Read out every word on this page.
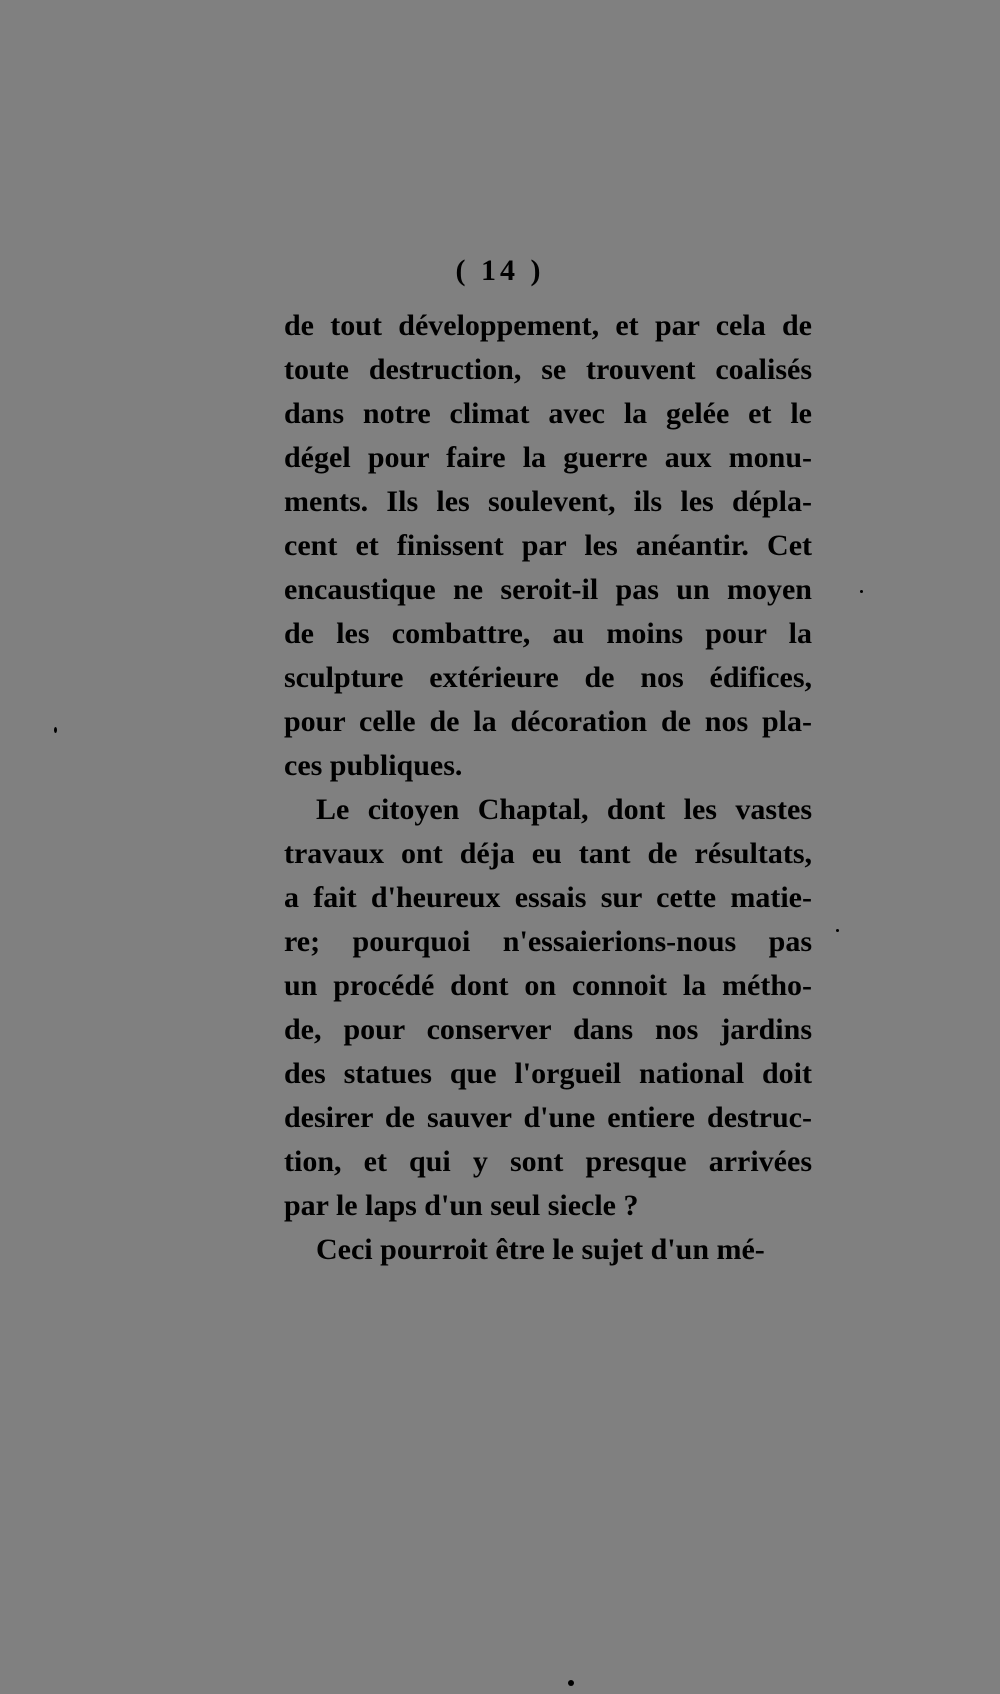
( 14 )
de tout développement, et par cela de
toute destruction, se trouvent coalisés
dans notre climat avec la gelée et le
dégel pour faire la guerre aux monu-
ments. Ils les soulevent, ils les dépla-
cent et finissent par les anéantir. Cet
encaustique ne seroit-il pas un moyen
de les combattre, au moins pour la
sculpture extérieure de nos édifices,
pour celle de la décoration de nos pla-
ces publiques.
Le citoyen Chaptal, dont les vastes
travaux ont déja eu tant de résultats,
a fait d'heureux essais sur cette matie-
re; pourquoi n'essaierions-nous pas
un procédé dont on connoit la métho-
de, pour conserver dans nos jardins
des statues que l'orgueil national doit
desirer de sauver d'une entiere destruc-
tion, et qui y sont presque arrivées
par le laps d'un seul siecle ?
Ceci pourroit être le sujet d'un mé-
